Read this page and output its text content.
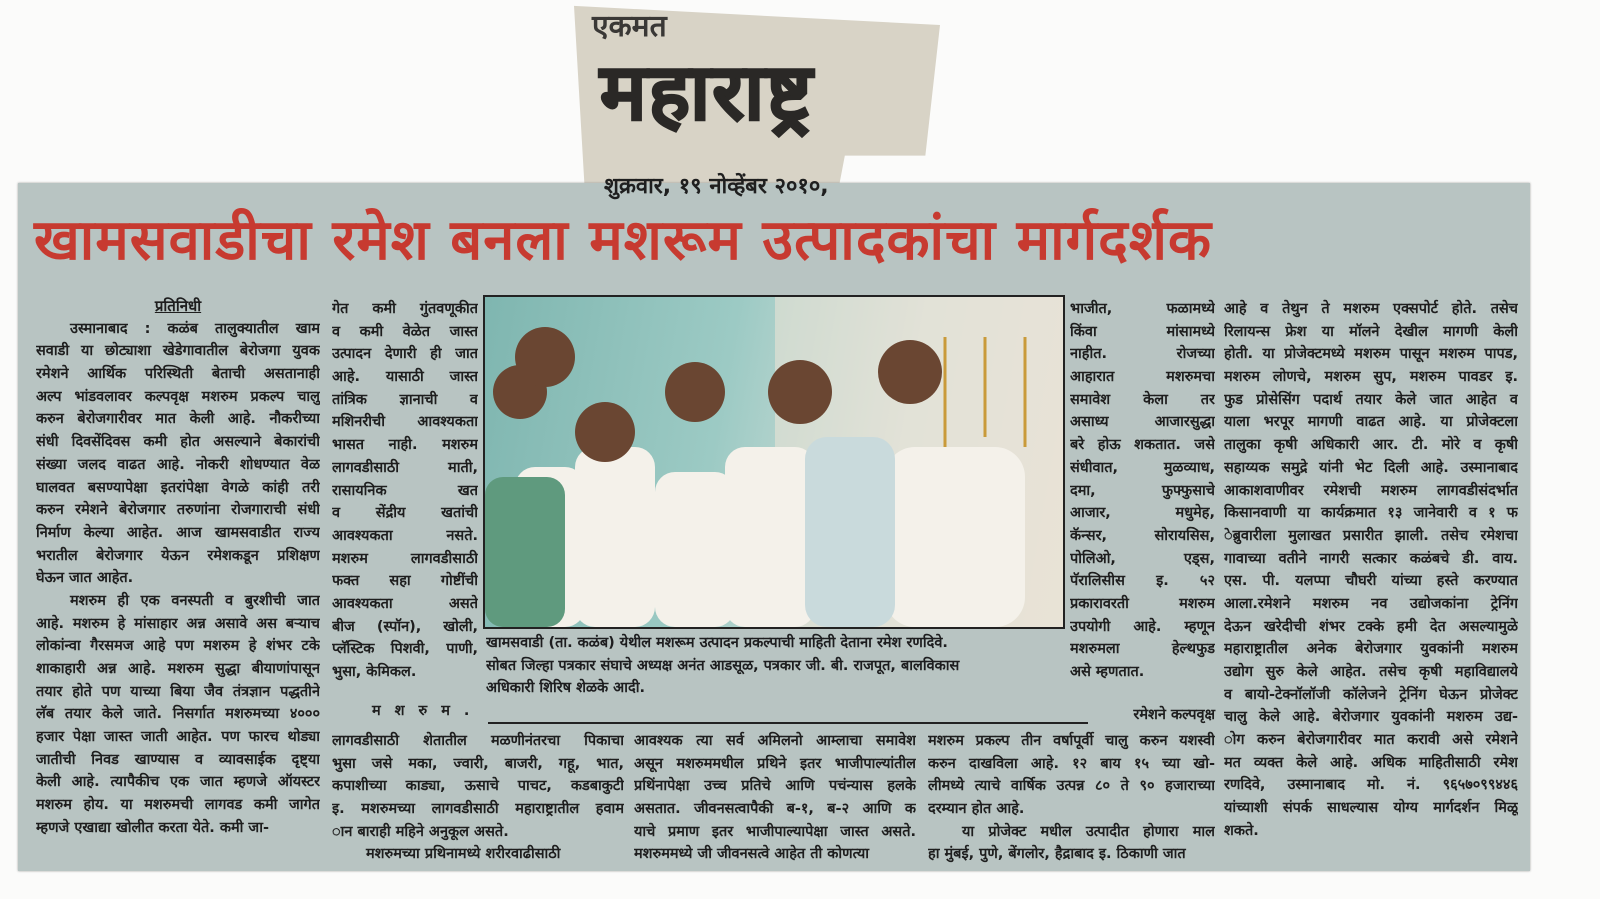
एकमत
महाराष्ट्र
शुक्रवार, १९ नोव्हेंबर २०१०,
खामसवाडीचा रमेश बनला मशरूम उत्पादकांचा मार्गदर्शक
प्रतिनिधी
उस्मानाबाद : कळंब तालुक्यातील खाम
सवाडी या छोट्याशा खेडेगावातील बेरोजगा युवक
रमेशने आर्थिक परिस्थिती बेताची असतानाही
अल्प भांडवलावर कल्पवृक्ष मशरुम प्रकल्प चालु
करुन बेरोजगारीवर मात केली आहे. नौकरीच्या
संधी दिवसेंदिवस कमी होत असल्याने बेकारांची
संख्या जलद वाढत आहे. नोकरी शोधण्यात वेळ
घालवत बसण्यापेक्षा इतरांपेक्षा वेगळे कांही तरी
करुन रमेशने बेरोजगार तरुणांना रोजगाराची संधी
निर्माण केल्या आहेत. आज खामसवाडीत राज्य
भरातील बेरोजगार येऊन रमेशकडून प्रशिक्षण
घेऊन जात आहेत.
मशरुम ही एक वनस्पती व बुरशीची जात
आहे. मशरुम हे मांसाहार अन्न असावे अस बऱ्याच
लोकांन्वा गैरसमज आहे पण मशरुम हे शंभर टके
शाकाहारी अन्न आहे. मशरुम सुद्धा बीयाणांपासून
तयार होते पण याच्या बिया जैव तंत्रज्ञान पद्धतीने
लॅब तयार केले जाते. निसर्गात मशरुमच्या ४०००
हजार पेक्षा जास्त जाती आहेत. पण फारच थोड्या
जातीची निवड खाण्यास व व्यावसाईक दृष्ट्या
केली आहे. त्यापैकीच एक जात म्हणजे ऑयस्टर
मशरुम होय. या मशरुमची लागवड कमी जागेत
म्हणजे एखाद्या खोलीत करता येते. कमी जा-
गेत कमी गुंतवणूकीत
व कमी वेळेत जास्त
उत्पादन देणारी ही जात
आहे. यासाठी जास्त
तांत्रिक ज्ञानाची व
मशिनरीची आवश्यकता
भासत नाही. मशरुम
लागवडीसाठी माती,
रासायनिक खत
व सेंद्रीय खतांची
आवश्यकता नसते.
मशरुम लागवडीसाठी
फक्त सहा गोष्टींची
आवश्यकता असते
बीज (स्पॉन), खोली,
प्लॅस्टिक पिशवी, पाणी,
भुसा, केमिकल.
मशरुम.
खामसवाडी (ता. कळंब) येथील मशरूम उत्पादन प्रकल्पाची माहिती देताना रमेश रणदिवे.
सोबत जिल्हा पत्रकार संघाचे अध्यक्ष अनंत आडसूळ, पत्रकार जी. बी. राजपूत, बालविकास
अधिकारी शिरिष शेळके आदी.
लागवडीसाठी शेतातील मळणीनंतरचा पिकाचा
भुसा जसे मका, ज्वारी, बाजरी, गहू, भात,
कपाशीच्या काड्या, ऊसाचे पाचट, कडबाकुटी
इ. मशरुमच्या लागवडीसाठी महाराष्ट्रातील हवाम
ान बाराही महिने अनुकूल असते.
मशरुमच्या प्रथिनामध्ये शरीरवाढीसाठी
आवश्यक त्या सर्व अमिलनो आम्लाचा समावेश
असून मशरुममधील प्रथिने इतर भाजीपाल्यांतील
प्रथिंनापेक्षा उच्च प्रतिचे आणि पचंन्यास हलके
असतात. जीवनसत्वापैकी ब-१, ब-२ आणि क
याचे प्रमाण इतर भाजीपाल्यापेक्षा जास्त असते.
मशरुममध्ये जी जीवनसत्वे आहेत ती कोणत्या
भाजीत, फळामध्ये
किंवा मांसामध्ये
नाहीत. रोजच्या
आहारात मशरुमचा
समावेश केला तर
असाध्य आजारसुद्धा
बरे होऊ शकतात. जसे
संधीवात, मुळव्याध,
दमा, फुफ्फुसाचे
आजार, मधुमेह,
कॅन्सर, सोरायसिस,
पोलिओ, एड्स,
पॅरालिसीस इ. ५२
प्रकारावरती मशरुम
उपयोगी आहे. म्हणून
मशरुमला हेल्थफुड
असे म्हणतात.
रमेशने कल्पवृक्ष
मशरुम प्रकल्प तीन वर्षापूर्वी चालु करुन यशस्वी
करुन दाखविला आहे. १२ बाय १५ च्या खो-
लीमध्ये त्याचे वार्षिक उत्पन्न ८० ते ९० हजाराच्या
दरम्यान होत आहे.
या प्रोजेक्ट मधील उत्पादीत होणारा माल
हा मुंबई, पुणे, बेंगलोर, हैद्राबाद इ. ठिकाणी जात
आहे व तेथुन ते मशरुम एक्सपोर्ट होते. तसेच
रिलायन्स फ्रेश या मॉलने देखील मागणी केली
होती. या प्रोजेक्टमध्ये मशरुम पासून मशरुम पापड,
मशरुम लोणचे, मशरुम सुप, मशरुम पावडर इ.
फुड प्रोसेसिंग पदार्थ तयार केले जात आहेत व
याला भरपूर मागणी वाढत आहे. या प्रोजेक्टला
तालुका कृषी अधिकारी आर. टी. मोरे व कृषी
सहाय्यक समुद्रे यांनी भेट दिली आहे. उस्मानाबाद
आकाशवाणीवर रमेशची मशरुम लागवडीसंदर्भात
किसानवाणी या कार्यक्रमात १३ जानेवारी व १ फ
ेब्रुवारीला मुलाखत प्रसारीत झाली. तसेच रमेशचा
गावाच्या वतीने नागरी सत्कार कळंबचे डी. वाय.
एस. पी. यलप्पा चौघरी यांच्या हस्ते करण्यात
आला.रमेशने मशरुम नव उद्योजकांना ट्रेनिंग
देऊन खरेदीची शंभर टक्के हमी देत असल्यामुळे
महाराष्ट्रातील अनेक बेरोजगार युवकांनी मशरुम
उद्योग सुरु केले आहेत. तसेच कृषी महाविद्यालये
व बायो-टेक्नॉलॉजी कॉलेजने ट्रेनिंग घेऊन प्रोजेक्ट
चालु केले आहे. बेरोजगार युवकांनी मशरुम उद्य-
ोग करुन बेरोजगारीवर मात करावी असे रमेशने
मत व्यक्त केले आहे. अधिक माहितीसाठी रमेश
रणदिवे, उस्मानाबाद मो. नं. ९६५७०९९४४६
यांच्याशी संपर्क साधल्यास योग्य मार्गदर्शन मिळू
शकते.
